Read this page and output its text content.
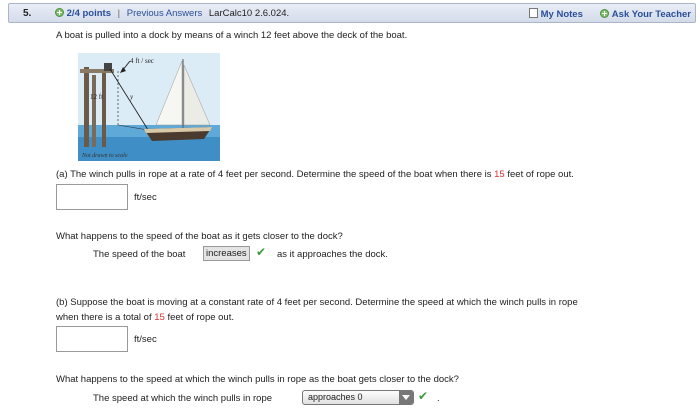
5.	2/4 points | Previous Answers LarCalc10 2.6.024.	My Notes	Ask Your Teacher
A boat is pulled into a dock by means of a winch 12 feet above the deck of the boat.
4 ft / sec
12 ft	y
Not drawn to scale
(a) The winch pulls in rope at a rate of 4 feet per second. Determine the speed of the boat when there is 15 feet of rope out.
ft/sec
What happens to the speed of the boat as it gets closer to the dock?
The speed of the boat	increases ✔ as it approaches the dock.
(b) Suppose the boat is moving at a constant rate of 4 feet per second. Determine the speed at which the winch pulls in rope
when there is a total of 15 feet of rope out.
ft/sec
What happens to the speed at which the winch pulls in rope as the boat gets closer to the dock?
The speed at which the winch pulls in rope	approaches 0	✔ .
